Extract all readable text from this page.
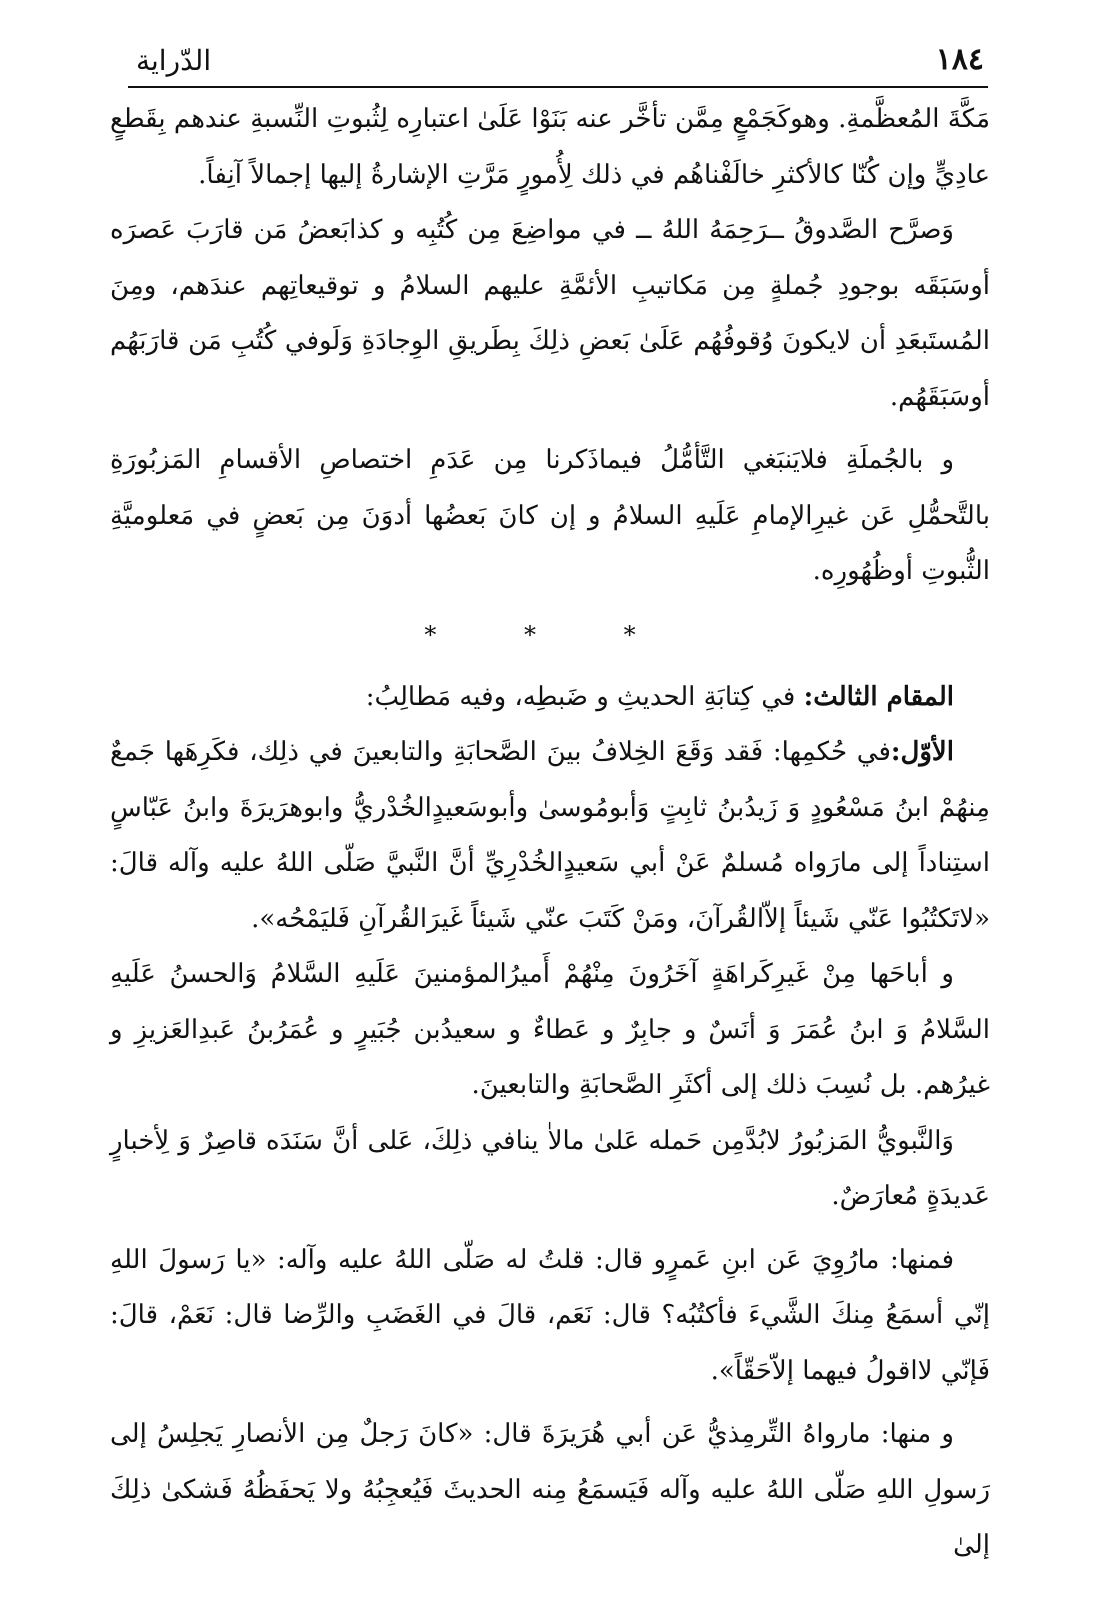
١٨٤
الدّراية

مَكَّةَ المُعظَّمةِ. وهوكَجَمْعٍ مِمَّن تأخَّر عنه بَنَوْا عَلَىٰ اعتبارِه لِثُبوتِ النِّسبةِ عندهم بِقَطعٍ عادِيٍّ وإن كُنّا كالأكثرِ خالَفْناهُم في ذلك لِأُمورٍ مَرَّتِ الإشارةُ إليها إجمالاً آنِفاً.

وَصرَّح الصَّدوقُ ــرَحِمَهُ اللهُ ــ في مواضِعَ مِن كُتُبِه و كذابَعضُ مَن قارَبَ عَصرَه أوسَبَقَه بوجودِ جُملةٍ مِن مَكاتيبِ الأئمَّةِ عليهم السلامُ و توقيعاتِهم عندَهم، ومِنَ المُستَبعَدِ أن لايكونَ وُقوفُهُم عَلَىٰ بَعضِ ذلِكَ بِطَريقِ الوِجادَةِ وَلَوفي كُتُبِ مَن قارَبَهُم أوسَبَقَهُم.

و بالجُملَةِ فلايَنبَغي التَّأمُّلُ فيماذَكرنا مِن عَدَمِ اختصاصِ الأقسامِ المَزبُورَةِ بالتَّحمُّلِ عَن غيرِالإمامِ عَلَيهِ السلامُ و إن كانَ بَعضُها أدوَنَ مِن بَعضٍ في مَعلوميَّةِ الثُّبوتِ أوظُهُورِه.

* * *

المقام الثالث: في كِتابَةِ الحديثِ و ضَبطِه، وفيه مَطالِبُ:

الأوّل:في حُكمِها: فَقد وَقَعَ الخِلافُ بينَ الصَّحابَةِ والتابعينَ في ذلِك، فكَرِهَها جَمعٌ مِنهُمْ ابنُ مَسْعُودٍ وَ زَيدُبنُ ثابِتٍ وَأبومُوسىٰ وأبوسَعيدٍالخُدْريُّ وابوهرَيرَةَ وابنُ عَبّاسٍ استِناداً إلى مارَواه مُسلمٌ عَنْ أبي سَعيدٍالخُدْرِيِّ أنَّ النَّبيَّ صَلّى اللهُ عليه وآله قالَ: «لاتَكتُبُوا عَنّي شَيئاً إلاّالقُرآنَ، ومَنْ كَتَبَ عنّي شَيئاً غَيرَالقُرآنِ فَليَمْحُه».

و أباحَها مِنْ غَيرِكَراهَةٍ آخَرُونَ مِنْهُمْ أَميرُالمؤمنينَ عَلَيهِ السَّلامُ وَالحسنُ عَلَيهِ السَّلامُ وَ ابنُ عُمَرَ وَ أنَسٌ و جابِرٌ و عَطاءٌ و سعيدُبن جُبَيرٍ و عُمَرُبنُ عَبدِالعَزيزِ و غيرُهم. بل نُسِبَ ذلك إلى أكثَرِ الصَّحابَةِ والتابعينَ.

وَالنَّبويُّ المَزبُورُ لابُدَّمِن حَمله عَلىٰ مالاٰ ينافي ذلِكَ، عَلى أنَّ سَنَدَه قاصِرٌ وَ لِأخبارٍ عَديدَةٍ مُعارَضٌ.

فمنها: مارُوِيَ عَن ابنِ عَمرٍو قال: قلتُ له صَلّى اللهُ عليه وآله: «يا رَسولَ اللهِ إنّي أسمَعُ مِنكَ الشَّيءَ فأكتُبُه؟ قال: نَعَم، قالَ في الغَضَبِ والرِّضا قال: نَعَمْ، قالَ: فَإنّي لااقولُ فيهما إلاّحَقّاً».

و منها: مارواهُ التِّرمِذيُّ عَن أبي هُرَيرَةَ قال: «كانَ رَجلٌ مِن الأنصارِ يَجلِسُ إلى رَسولِ اللهِ صَلّى اللهُ عليه وآله فَيَسمَعُ مِنه الحديثَ فَيُعجِبُهُ ولا يَحفَظُهُ فَشكىٰ ذلِكَ إلىٰ
